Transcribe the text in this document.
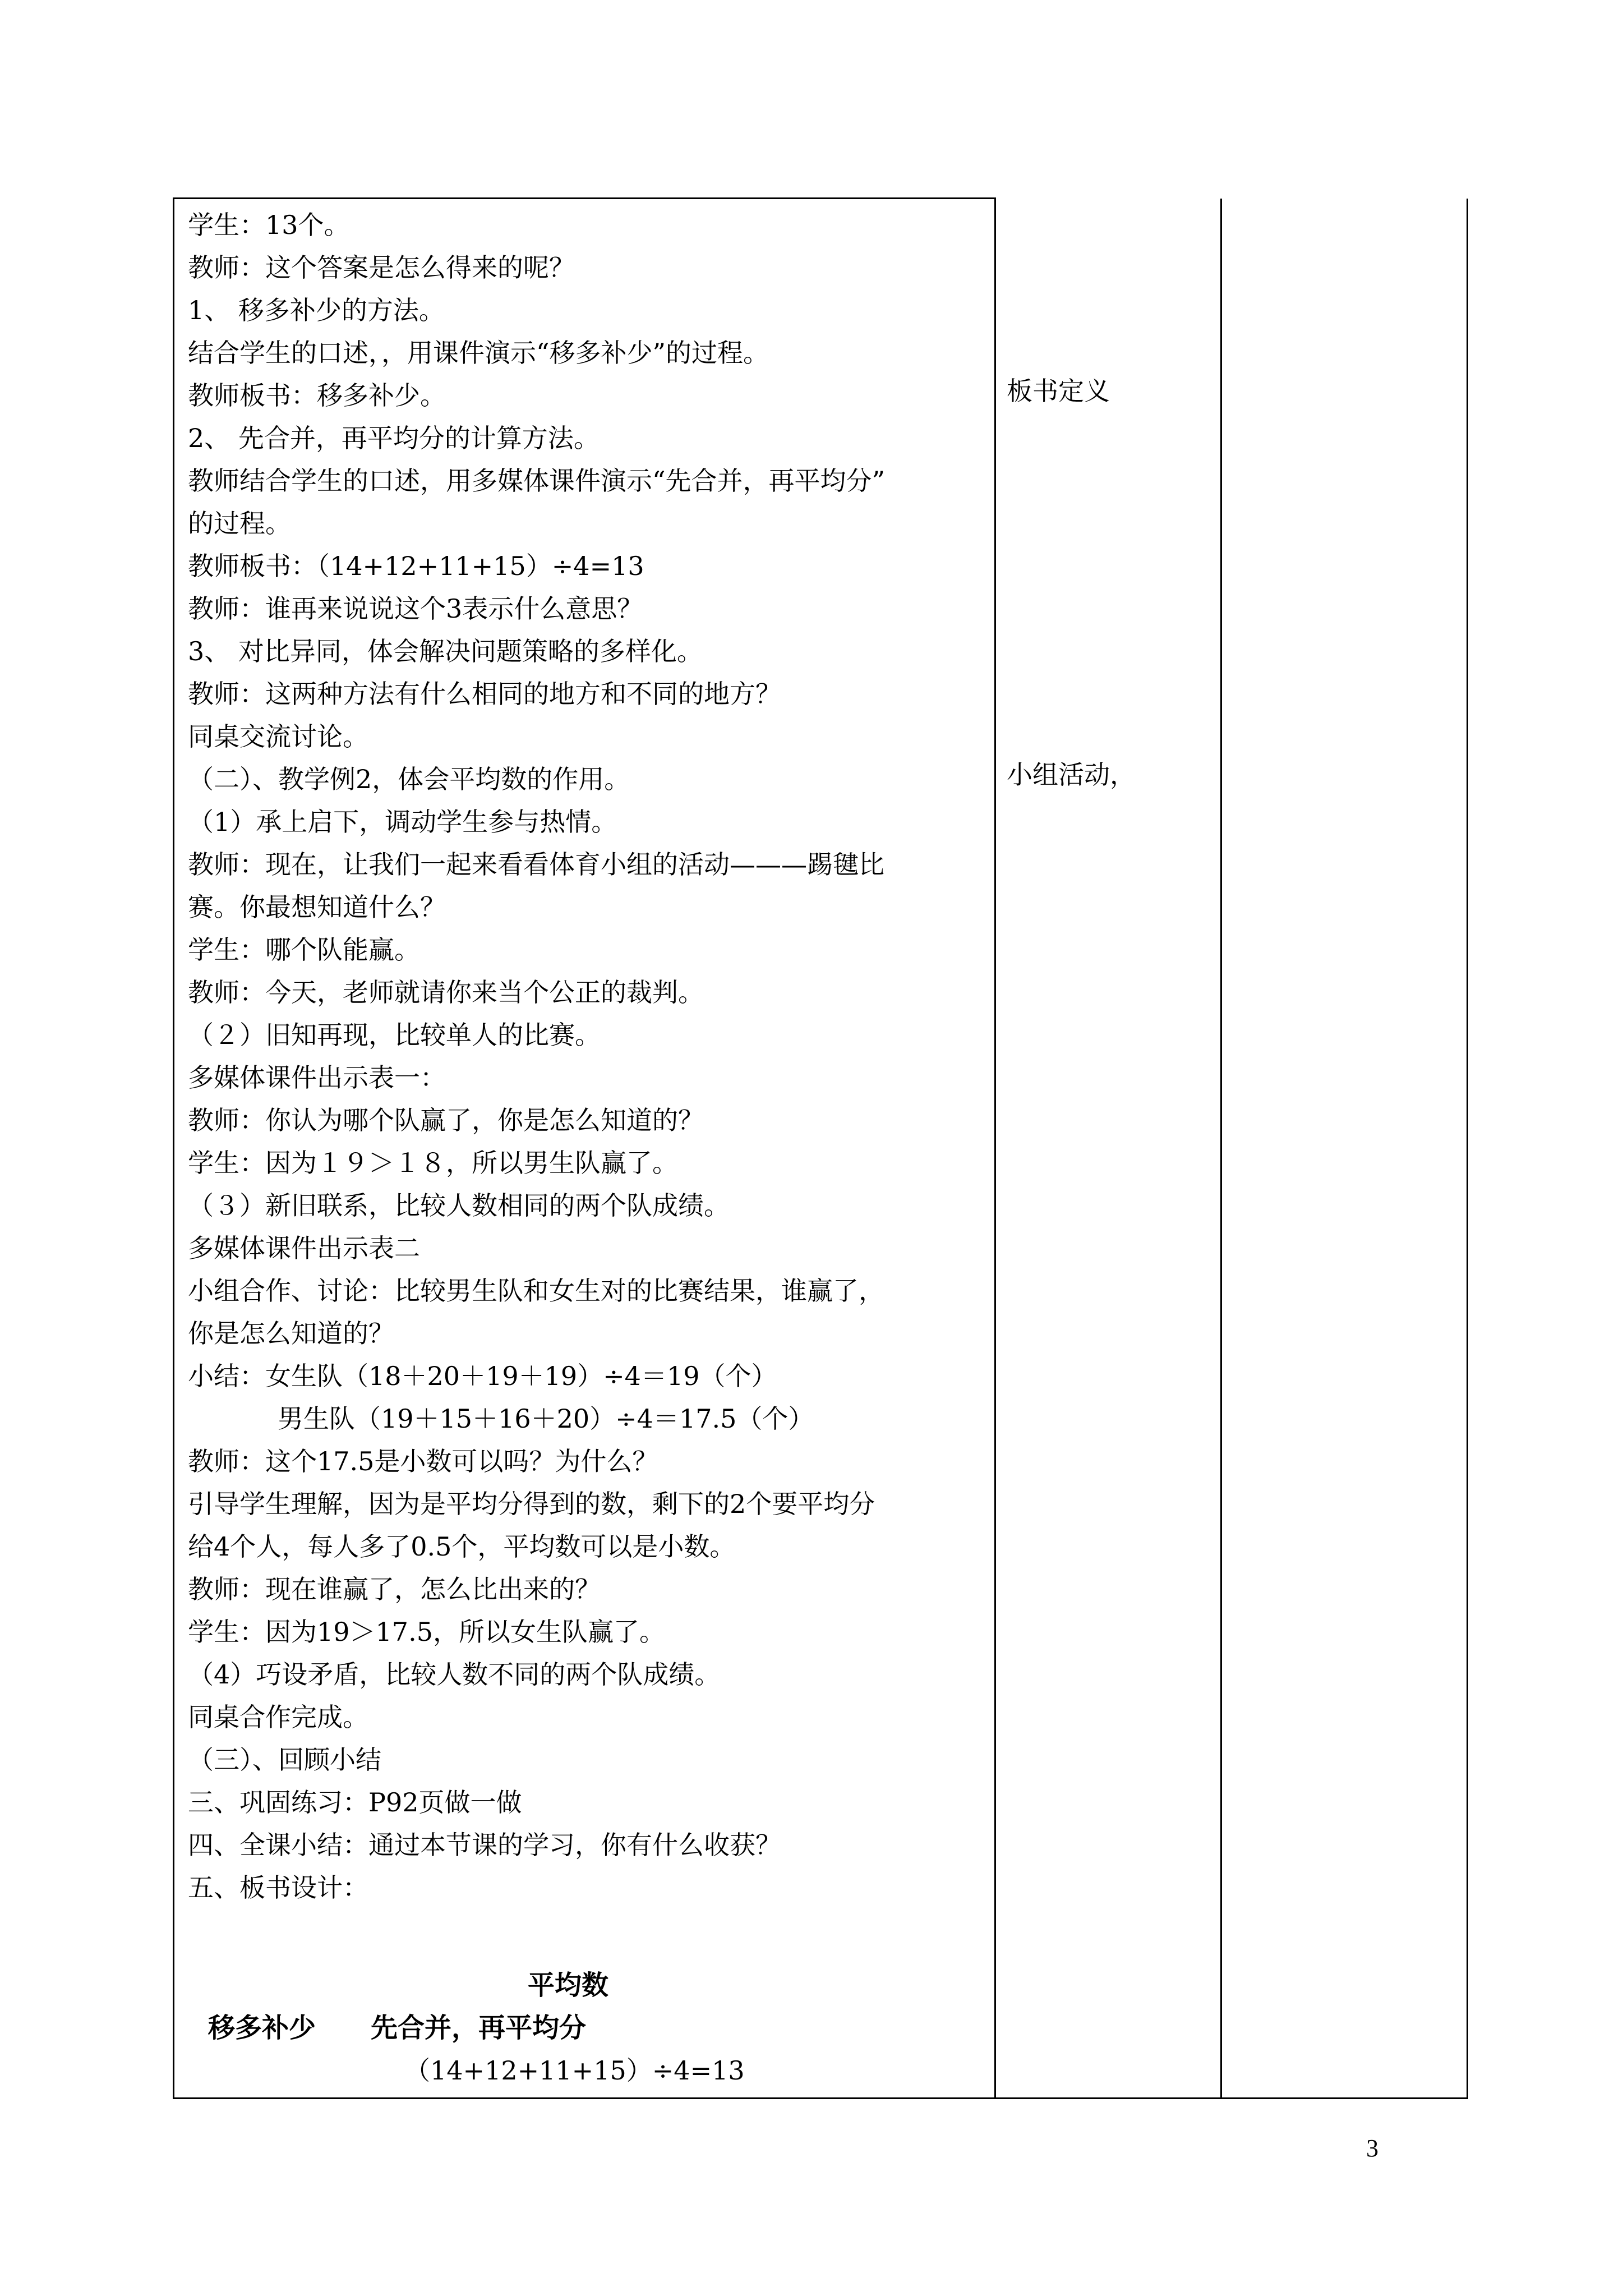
学生：13个。
教师：这个答案是怎么得来的呢？
1、 移多补少的方法。
结合学生的口述，，用课件演示“移多补少”的过程。
教师板书：移多补少。
2、 先合并，再平均分的计算方法。
教师结合学生的口述，用多媒体课件演示“先合并，再平均分”
的过程。
教师板书：（14+12+11+15）÷4=13
教师：谁再来说说这个3表示什么意思？
3、 对比异同，体会解决问题策略的多样化。
教师：这两种方法有什么相同的地方和不同的地方？
同桌交流讨论。
（二）、教学例2，体会平均数的作用。
（1）承上启下，调动学生参与热情。
教师：现在，让我们一起来看看体育小组的活动———踢毽比
赛。你最想知道什么？
学生：哪个队能赢。
教师：今天，老师就请你来当个公正的裁判。
（２）旧知再现，比较单人的比赛。
多媒体课件出示表一：
教师：你认为哪个队赢了，你是怎么知道的？
学生：因为１９＞１８，所以男生队赢了。
（３）新旧联系，比较人数相同的两个队成绩。
多媒体课件出示表二
小组合作、讨论：比较男生队和女生对的比赛结果，谁赢了，
你是怎么知道的？
小结：女生队（18＋20＋19＋19）÷4＝19（个）
男生队（19＋15＋16＋20）÷4＝17.5（个）
教师：这个17.5是小数可以吗？为什么？
引导学生理解，因为是平均分得到的数，剩下的2个要平均分
给4个人，每人多了0.5个，平均数可以是小数。
教师：现在谁赢了，怎么比出来的？
学生：因为19＞17.5，所以女生队赢了。
（4）巧设矛盾，比较人数不同的两个队成绩。
同桌合作完成。
（三）、回顾小结
三、巩固练习：P92页做一做
四、全课小结：通过本节课的学习，你有什么收获？
五、板书设计：
平均数
移多补少 先合并，再平均分
（14+12+11+15）÷4=13

板书定义
小组活动，
3
